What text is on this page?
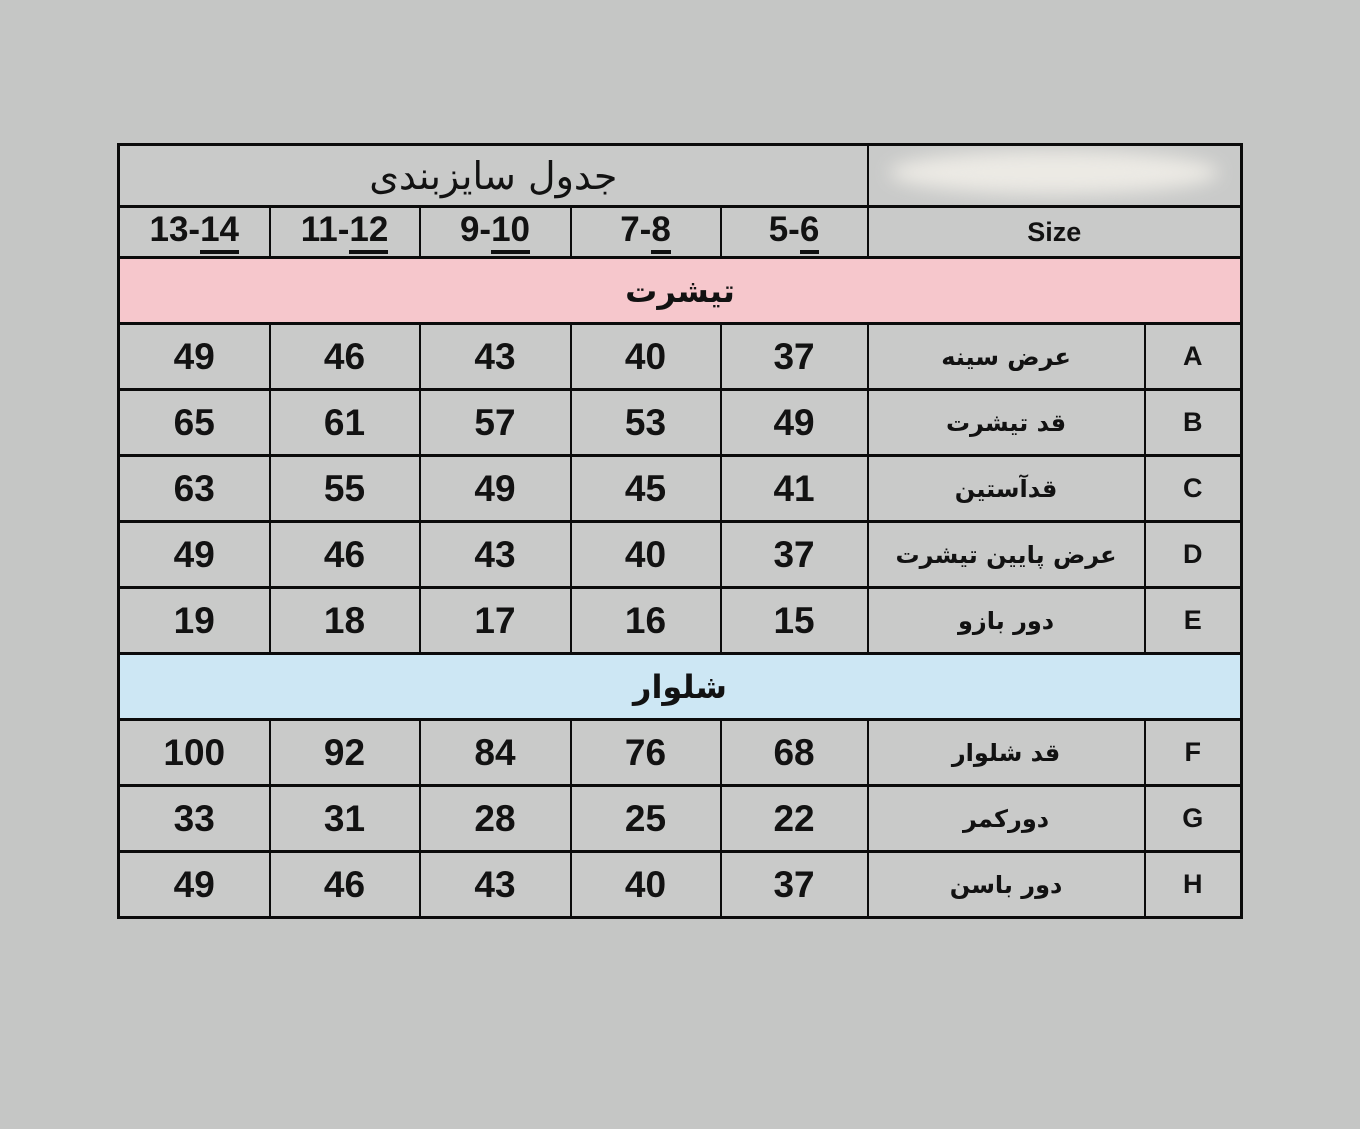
جدول سایزبندی						

13-14	11-12	9-10	7-8	5-6	Size	
تیشرت						
49	46	43	40	37	عرض سینه	A
65	61	57	53	49	قد تیشرت	B
63	55	49	45	41	قدآستین	C
49	46	43	40	37	عرض پایین تیشرت	D
19	18	17	16	15	دور بازو	E
شلوار						
100	92	84	76	68	قد شلوار	F
33	31	28	25	22	دورکمر	G
49	46	43	40	37	دور باسن	H
